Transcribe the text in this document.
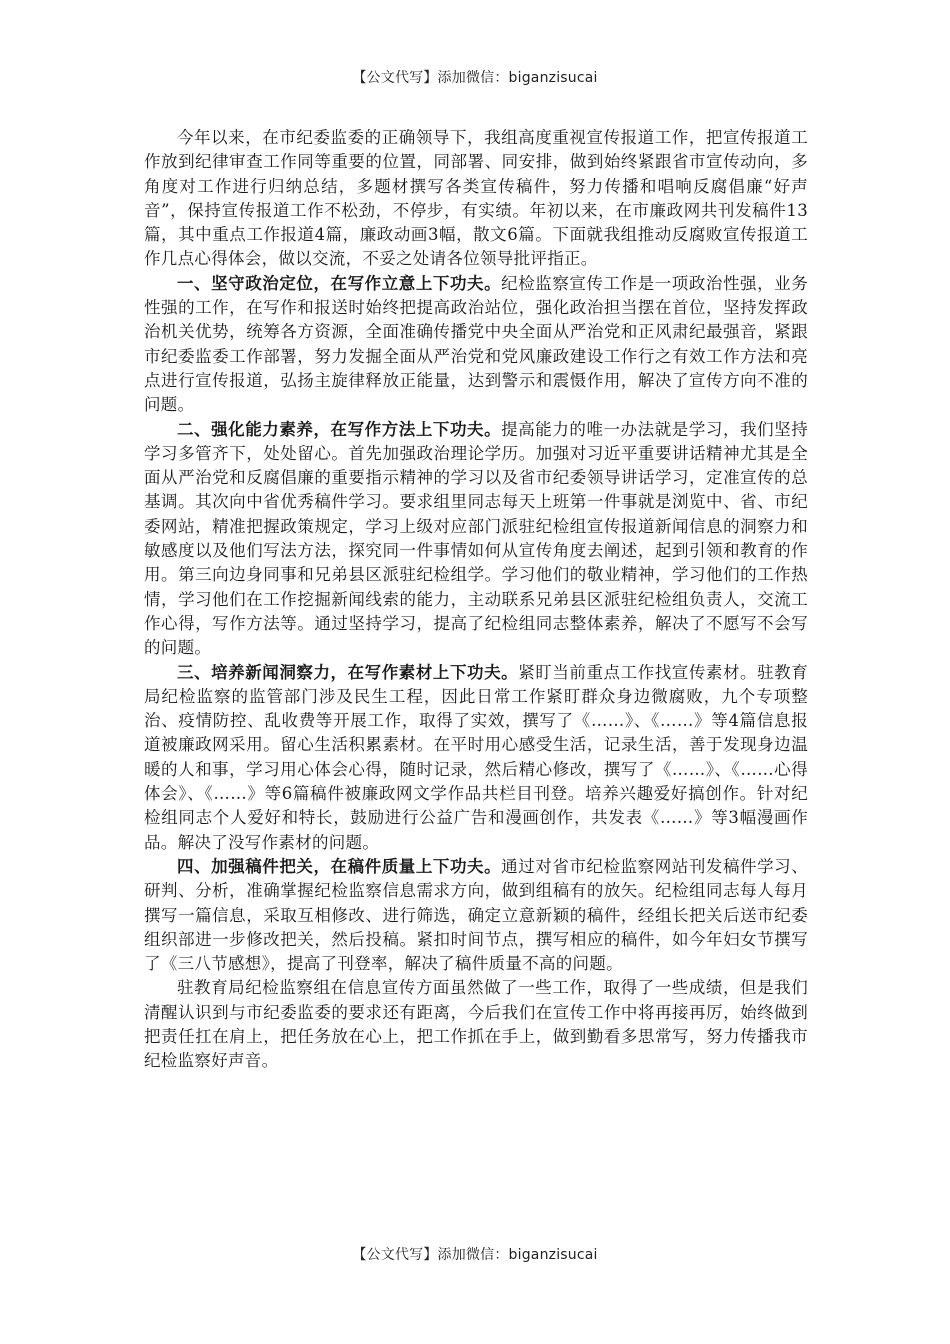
【公文代写】添加微信：biganzisucai

今年以来，在市纪委监委的正确领导下，我组高度重视宣传报道工作，把宣传报道工作放到纪律审查工作同等重要的位置，同部署、同安排，做到始终紧跟省市宣传动向，多角度对工作进行归纳总结，多题材撰写各类宣传稿件，努力传播和唱响反腐倡廉“好声音”，保持宣传报道工作不松劲，不停步，有实绩。年初以来，在市廉政网共刊发稿件13篇，其中重点工作报道4篇，廉政动画3幅，散文6篇。下面就我组推动反腐败宣传报道工作几点心得体会，做以交流，不妥之处请各位领导批评指正。

一、坚守政治定位，在写作立意上下功夫。纪检监察宣传工作是一项政治性强，业务性强的工作，在写作和报送时始终把提高政治站位，强化政治担当摆在首位，坚持发挥政治机关优势，统筹各方资源，全面准确传播党中央全面从严治党和正风肃纪最强音，紧跟市纪委监委工作部署，努力发掘全面从严治党和党风廉政建设工作行之有效工作方法和亮点进行宣传报道，弘扬主旋律释放正能量，达到警示和震慑作用，解决了宣传方向不准的问题。

二、强化能力素养，在写作方法上下功夫。提高能力的唯一办法就是学习，我们坚持学习多管齐下，处处留心。首先加强政治理论学历。加强对习近平重要讲话精神尤其是全面从严治党和反腐倡廉的重要指示精神的学习以及省市纪委领导讲话学习，定准宣传的总基调。其次向中省优秀稿件学习。要求组里同志每天上班第一件事就是浏览中、省、市纪委网站，精准把握政策规定，学习上级对应部门派驻纪检组宣传报道新闻信息的洞察力和敏感度以及他们写法方法，探究同一件事情如何从宣传角度去阐述，起到引领和教育的作用。第三向边身同事和兄弟县区派驻纪检组学。学习他们的敬业精神，学习他们的工作热情，学习他们在工作挖掘新闻线索的能力，主动联系兄弟县区派驻纪检组负责人，交流工作心得，写作方法等。通过坚持学习，提高了纪检组同志整体素养，解决了不愿写不会写的问题。

三、培养新闻洞察力，在写作素材上下功夫。紧盯当前重点工作找宣传素材。驻教育局纪检监察的监管部门涉及民生工程，因此日常工作紧盯群众身边微腐败，九个专项整治、疫情防控、乱收费等开展工作，取得了实效，撰写了《……》、《……》等4篇信息报道被廉政网采用。留心生活积累素材。在平时用心感受生活，记录生活，善于发现身边温暖的人和事，学习用心体会心得，随时记录，然后精心修改，撰写了《……》、《……心得体会》、《……》等6篇稿件被廉政网文学作品共栏目刊登。培养兴趣爱好搞创作。针对纪检组同志个人爱好和特长，鼓励进行公益广告和漫画创作，共发表《……》等3幅漫画作品。解决了没写作素材的问题。

四、加强稿件把关，在稿件质量上下功夫。通过对省市纪检监察网站刊发稿件学习、研判、分析，准确掌握纪检监察信息需求方向，做到组稿有的放矢。纪检组同志每人每月撰写一篇信息，采取互相修改、进行筛选，确定立意新颖的稿件，经组长把关后送市纪委组织部进一步修改把关，然后投稿。紧扣时间节点，撰写相应的稿件，如今年妇女节撰写了《三八节感想》，提高了刊登率，解决了稿件质量不高的问题。

驻教育局纪检监察组在信息宣传方面虽然做了一些工作，取得了一些成绩，但是我们清醒认识到与市纪委监委的要求还有距离，今后我们在宣传工作中将再接再厉，始终做到把责任扛在肩上，把任务放在心上，把工作抓在手上，做到勤看多思常写，努力传播我市纪检监察好声音。

【公文代写】添加微信：biganzisucai
